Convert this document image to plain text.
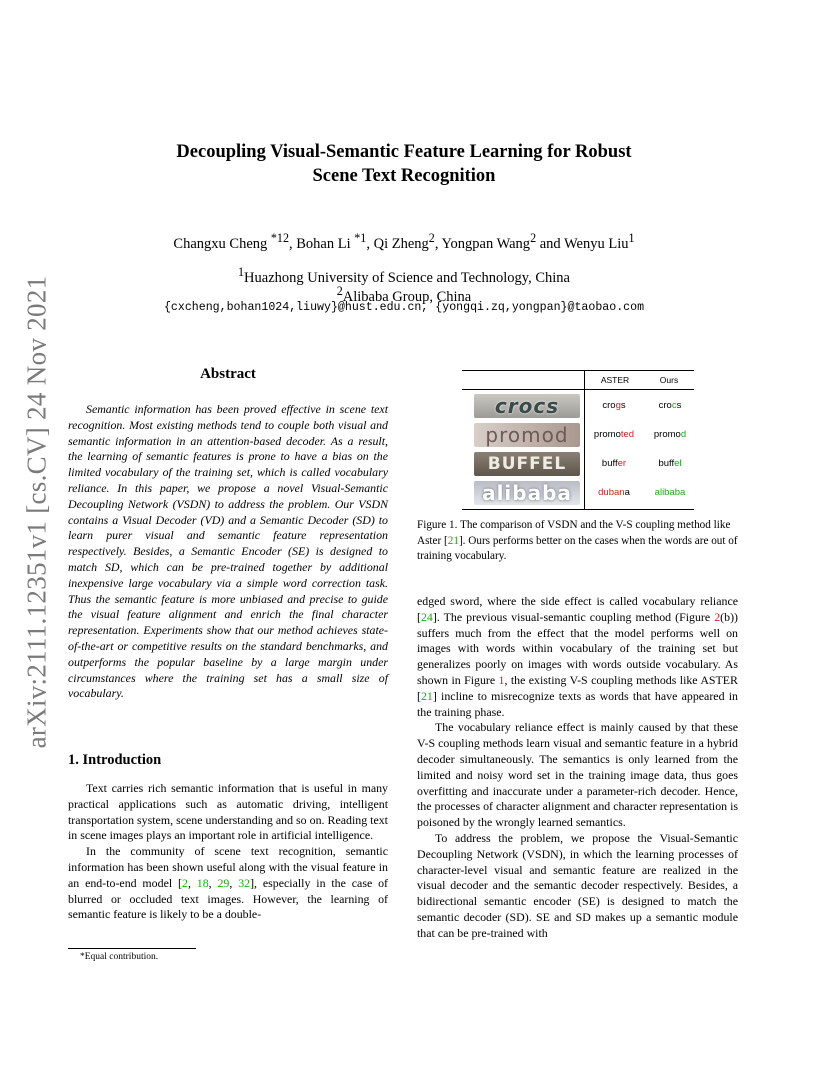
arXiv:2111.12351v1 [cs.CV] 24 Nov 2021
Decoupling Visual-Semantic Feature Learning for Robust
Scene Text Recognition
Changxu Cheng $^{*12}$, Bohan Li $^{*1}$, Qi Zheng$^2$, Yongpan Wang$^2$ and Wenyu Liu$^1$
$^1$Huazhong University of Science and Technology, China
$^2$Alibaba Group, China
{cxcheng,bohan1024,liuwy}@hust.edu.cn, {yongqi.zq,yongpan}@taobao.com
Abstract

Semantic information has been proved effective in scene text recognition. Most existing methods tend to couple both visual and semantic information in an attention-based decoder. As a result, the learning of semantic features is prone to have a bias on the limited vocabulary of the training set, which is called vocabulary reliance. In this paper, we propose a novel Visual-Semantic Decoupling Network (VSDN) to address the problem. Our VSDN contains a Visual Decoder (VD) and a Semantic Decoder (SD) to learn purer visual and semantic feature representation respectively. Besides, a Semantic Encoder (SE) is designed to match SD, which can be pre-trained together by additional inexpensive large vocabulary via a simple word correction task. Thus the semantic feature is more unbiased and precise to guide the visual feature alignment and enrich the final character representation. Experiments show that our method achieves state-of-the-art or competitive results on the standard benchmarks, and outperforms the popular baseline by a large margin under circumstances where the training set has a small size of vocabulary.

1. Introduction

Text carries rich semantic information that is useful in many practical applications such as automatic driving, intelligent transportation system, scene understanding and so on. Reading text in scene images plays an important role in artificial intelligence.

In the community of scene text recognition, semantic information has been shown useful along with the visual feature in an end-to-end model [2, 18, 29, 32], especially in the case of blurred or occluded text images. However, the learning of semantic feature is likely to be a double-

*Equal contribution.
ASTER	Ours
crocs	crogs	crocs
promod	promoted	promod
BUFFEL	buffer	buffel
alibaba	dubana	alibaba
Figure 1. The comparison of VSDN and the V-S coupling method like Aster [21]. Ours performs better on the cases when the words are out of training vocabulary.

edged sword, where the side effect is called vocabulary reliance [24]. The previous visual-semantic coupling method (Figure 2(b)) suffers much from the effect that the model performs well on images with words within vocabulary of the training set but generalizes poorly on images with words outside vocabulary. As shown in Figure 1, the existing V-S coupling methods like ASTER [21] incline to misrecognize texts as words that have appeared in the training phase.

The vocabulary reliance effect is mainly caused by that these V-S coupling methods learn visual and semantic feature in a hybrid decoder simultaneously. The semantics is only learned from the limited and noisy word set in the training image data, thus goes overfitting and inaccurate under a parameter-rich decoder. Hence, the processes of character alignment and character representation is poisoned by the wrongly learned semantics.

To address the problem, we propose the Visual-Semantic Decoupling Network (VSDN), in which the learning processes of character-level visual and semantic feature are realized in the visual decoder and the semantic decoder respectively. Besides, a bidirectional semantic encoder (SE) is designed to match the semantic decoder (SD). SE and SD makes up a semantic module that can be pre-trained with
